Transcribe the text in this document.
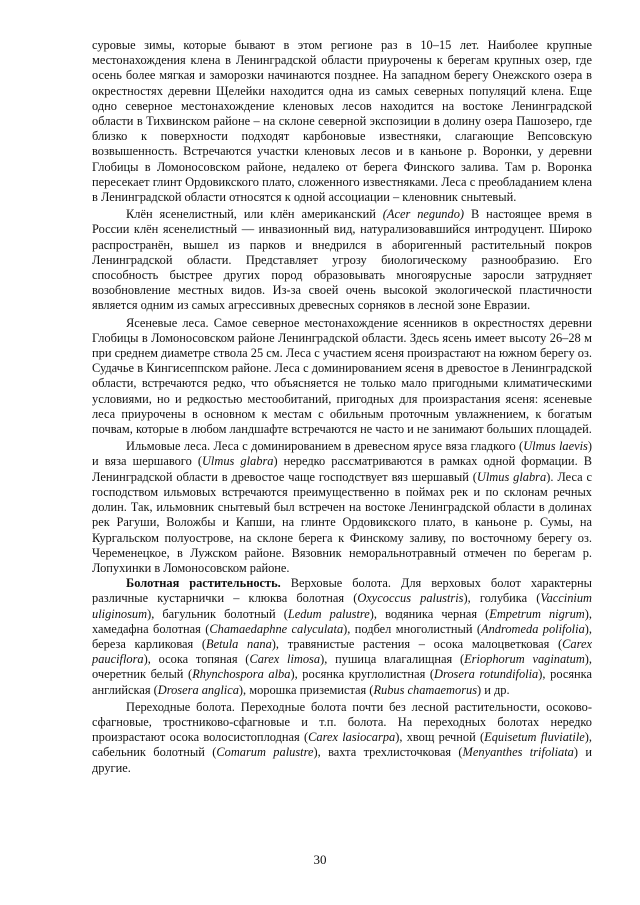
суровые зимы, которые бывают в этом регионе раз в 10–15 лет. Наиболее крупные местонахождения клена в Ленинградской области приурочены к берегам крупных озер, где осень более мягкая и заморозки начинаются позднее. На западном берегу Онежского озера в окрестностях деревни Щелейки находится одна из самых северных популяций клена. Еще одно северное местонахождение кленовых лесов находится на востоке Ленинградской области в Тихвинском районе – на склоне северной экспозиции в долину озера Пашозеро, где близко к поверхности подходят карбоновые известняки, слагающие Вепсовскую возвышенность. Встречаются участки кленовых лесов и в каньоне р. Воронки, у деревни Глобицы в Ломоносовском районе, недалеко от берега Финского залива. Там р. Воронка пересекает глинт Ордовикского плато, сложенного известняками. Леса с преобладанием клена в Ленинградской области относятся к одной ассоциации – кленовник снытевый.

Клён ясенелистный, или клён американский (Acer negundo) В настоящее время в России клён ясенелистный — инвазионный вид, натурализовавшийся интродуцент. Широко распространён, вышел из парков и внедрился в аборигенный растительный покров Ленинградской области. Представляет угрозу биологическому разнообразию. Его способность быстрее других пород образовывать многоярусные заросли затрудняет возобновление местных видов. Из-за своей очень высокой экологической пластичности является одним из самых агрессивных древесных сорняков в лесной зоне Евразии.

Ясеневые леса. Самое северное местонахождение ясенников в окрестностях деревни Глобицы в Ломоносовском районе Ленинградской области. Здесь ясень имеет высоту 26–28 м при среднем диаметре ствола 25 см. Леса с участием ясеня произрастают на южном берегу оз. Судачье в Кингисеппском районе. Леса с доминированием ясеня в древостое в Ленинградской области, встречаются редко, что объясняется не только мало пригодными климатическими условиями, но и редкостью местообитаний, пригодных для произрастания ясеня: ясеневые леса приурочены в основном к местам с обильным проточным увлажнением, к богатым почвам, которые в любом ландшафте встречаются не часто и не занимают больших площадей.

Ильмовые леса. Леса с доминированием в древесном ярусе вяза гладкого (Ulmus laevis) и вяза шершавого (Ulmus glabra) нередко рассматриваются в рамках одной формации. В Ленинградской области в древостое чаще господствует вяз шершавый (Ulmus glabra). Леса с господством ильмовых встречаются преимущественно в поймах рек и по склонам речных долин. Так, ильмовник снытевый был встречен на востоке Ленинградской области в долинах рек Рагуши, Воложбы и Капши, на глинте Ордовикского плато, в каньоне р. Сумы, на Кургальском полуострове, на склоне берега к Финскому заливу, по восточному берегу оз. Череменецкое, в Лужском районе. Вязовник неморальнотравный отмечен по берегам р. Лопухинки в Ломоносовском районе.

Болотная растительность. Верховые болота. Для верховых болот характерны различные кустарнички – клюква болотная (Oxycoccus palustris), голубика (Vaccinium uliginosum), багульник болотный (Ledum palustre), водяника черная (Empetrum nigrum), хамедафна болотная (Chamaedaphne calyculata), подбел многолистный (Andromeda polifolia), береза карликовая (Betula nana), травянистые растения – осока малоцветковая (Carex pauciflora), осока топяная (Carex limosa), пушица влагалищная (Eriophorum vaginatum), очеретник белый (Rhynchospora alba), росянка круглолистная (Drosera rotundifolia), росянка английская (Drosera anglica), морошка приземистая (Rubus chamaemorus) и др.

Переходные болота. Переходные болота почти без лесной растительности, осоково-сфагновые, тростниково-сфагновые и т.п. болота. На переходных болотах нередко произрастают осока волосистоплодная (Carex lasiocarpa), хвощ речной (Equisetum fluviatile), сабельник болотный (Comarum palustre), вахта трехлисточковая (Menyanthes trifoliata) и другие.

30
